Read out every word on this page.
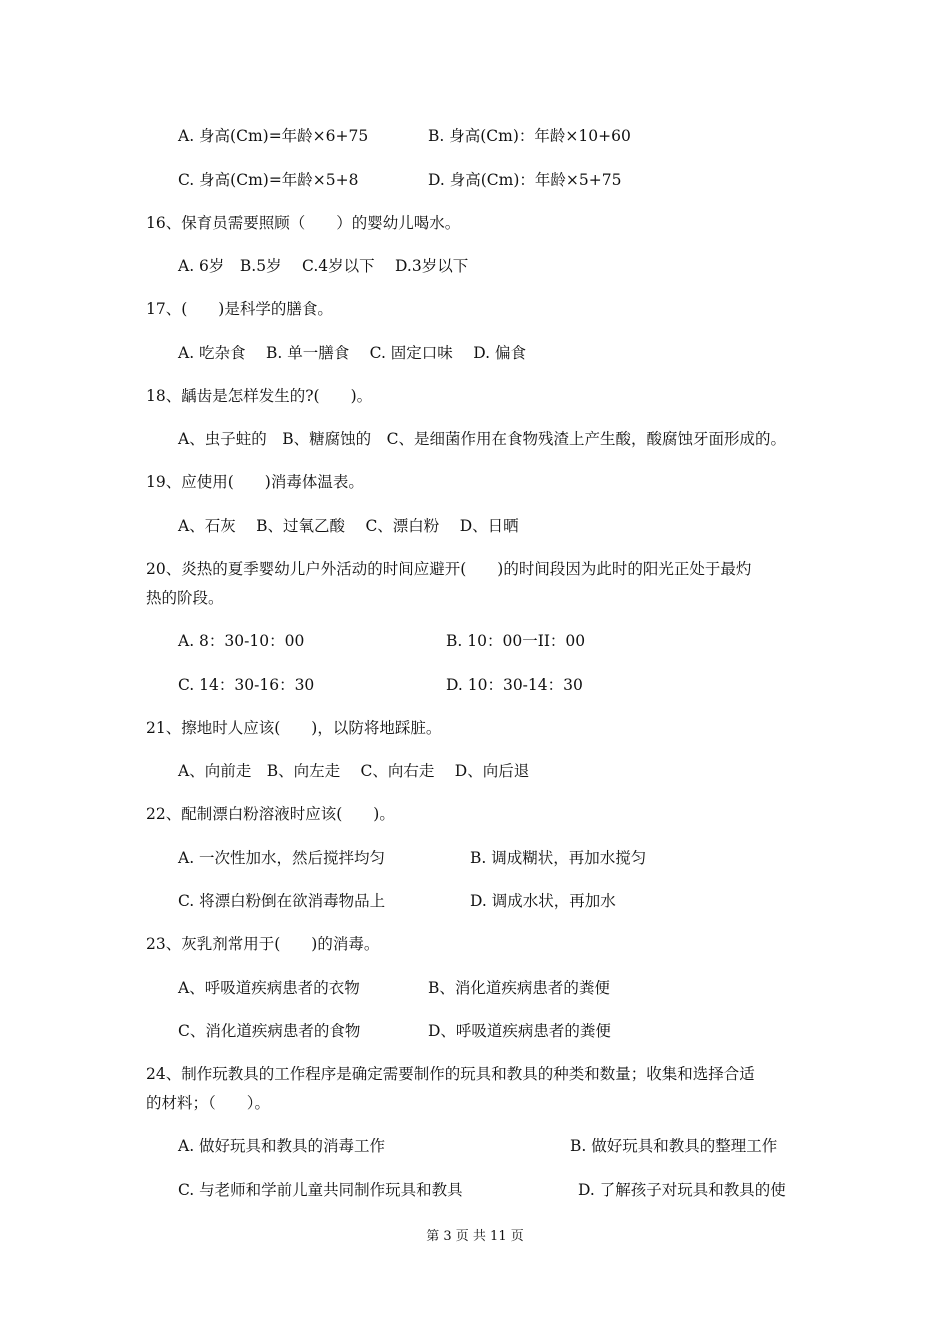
A. 身高(Cm)=年龄×6+75	B. 身高(Cm)：年龄×10+60
C. 身高(Cm)=年龄×5+8	D. 身高(Cm)：年龄×5+75
16、保育员需要照顾（　　）的婴幼儿喝水。
A. 6岁　B.5岁　 C.4岁以下　 D.3岁以下
17、(　　)是科学的膳食。
A. 吃杂食　 B. 单一膳食　 C. 固定口味　 D. 偏食
18、龋齿是怎样发生的?(　　)。
A、虫子蛀的　B、糖腐蚀的　C、是细菌作用在食物残渣上产生酸，酸腐蚀牙面形成的。
19、应使用(　　)消毒体温表。
A、石灰　 B、过氧乙酸　 C、漂白粉　 D、日晒
20、炎热的夏季婴幼儿户外活动的时间应避开(　　)的时间段因为此时的阳光正处于最灼
热的阶段。
A. 8：30-10：00	B. 10：00一II：00
C. 14：30-16：30	D. 10：30-14：30
21、擦地时人应该(　　)，以防将地踩脏。
A、向前走　B、向左走　 C、向右走　 D、向后退
22、配制漂白粉溶液时应该(　　)。
A. 一次性加水，然后搅拌均匀	B. 调成糊状，再加水搅匀
C. 将漂白粉倒在欲消毒物品上	D. 调成水状，再加水
23、灰乳剂常用于(　　)的消毒。
A、呼吸道疾病患者的衣物	B、消化道疾病患者的粪便
C、消化道疾病患者的食物	D、呼吸道疾病患者的粪便
24、制作玩教具的工作程序是确定需要制作的玩具和教具的种类和数量；收集和选择合适
的材料；（　　）。
A. 做好玩具和教具的消毒工作	B. 做好玩具和教具的整理工作
C. 与老师和学前儿童共同制作玩具和教具	D. 了解孩子对玩具和教具的使
第 3 页 共 11 页
